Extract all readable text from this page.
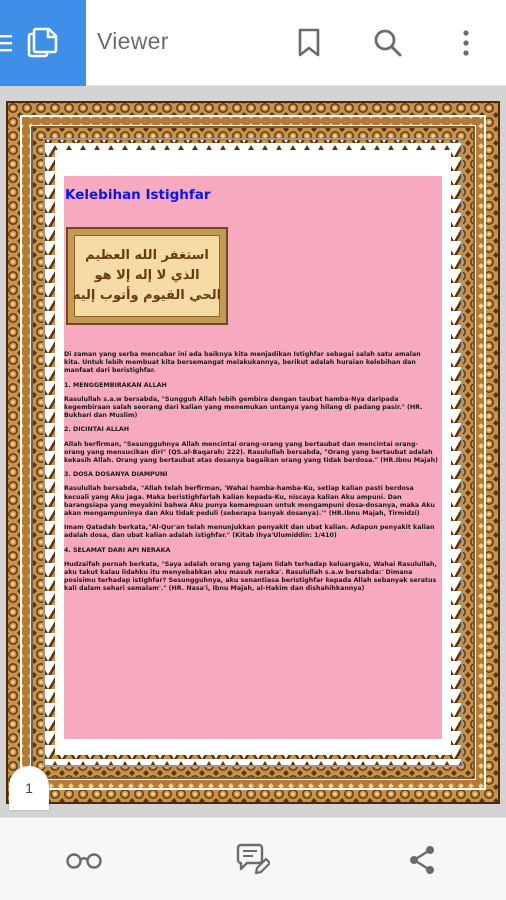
Viewer
Kelebihan Istighfar
استغفر الله العظيم
الذي لا إله إلا هو
الحي القيوم وأتوب إليه

Di zaman yang serba mencabar ini ada baiknya kita menjadikan Istighfar sebagai salah satu amalan kita. Untuk lebih membuat kita bersemangat melakukannya, berikut adalah huraian kelebihan dan manfaat dari beristighfar.

1. MENGGEMBIRAKAN ALLAH

Rasulullah s.a.w bersabda, "Sungguh Allah lebih gembira dengan taubat hamba-Nya daripada kegembiraan salah seorang dari kalian yang menemukan untanya yang hilang di padang pasir." (HR. Bukhari dan Muslim)

2. DICINTAI ALLAH

Allah berfirman, "Sesungguhnya Allah mencintai orang-orang yang bertaubat dan mencintai orang-orang yang mensucikan diri" (QS.al-Baqarah: 222). Rasulullah bersabda, "Orang yang bertaubat adalah kekasih Allah. Orang yang bertaubat atas dosanya bagaikan orang yang tidak berdosa." (HR.Ibnu Majah)

3. DOSA DOSANYA DIAMPUNI

Rasulullah bersabda, "Allah telah berfirman, 'Wahai hamba-hamba-Ku, setiap kalian pasti berdosa kecuali yang Aku jaga. Maka beristighfarlah kalian kepada-Ku, niscaya kalian Aku ampuni. Dan barangsiapa yang meyakini bahwa Aku punya kemampuan untuk mengampuni dosa-dosanya, maka Aku akan mengampuninya dan Aku tidak peduli (seberapa banyak dosanya).'" (HR.Ibnu Majah, Tirmidzi)

Imam Qatadah berkata,"Al-Qur'an telah menunjukkan penyakit dan ubat kalian. Adapun penyakit kalian adalah dosa, dan ubat kalian adalah istighfar." (Kitab Ihya'Ulumiddin: 1/410)

4. SELAMAT DARI API NERAKA

Hudzaifah pernah berkata, "Saya adalah orang yang tajam lidah terhadap keluargaku, Wahai Rasulullah, aku takut kalau lidahku itu menyebabkan aku masuk neraka'. Rasulullah s.a.w bersabda:' Dimana posisimu terhadap istighfar? Sesungguhnya, aku senantiasa beristighfar kepada Allah sebanyak seratus kali dalam sehari semalam'." (HR. Nasa'i, Ibnu Majah, al-Hakim dan dishahihkannya)

1
